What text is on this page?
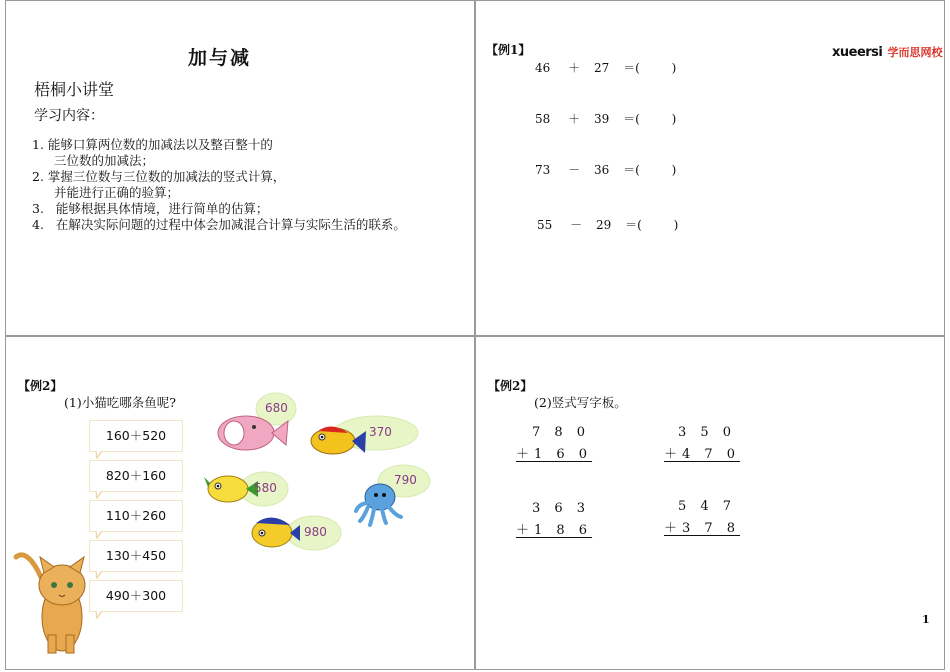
加与减
梧桐小讲堂
学习内容：
1. 能够口算两位数的加减法以及整百整十的
三位数的加减法；
2. 掌握三位数与三位数的加减法的竖式计算，
并能进行正确的验算；
3. 能够根据具体情境，进行简单的估算；
4. 在解决实际问题的过程中体会加减混合计算与实际生活的联系。
【例1】	xueersi 学而思网校
46 ＋ 27 ＝(	)
58 ＋ 39 ＝(	)
73 － 36 ＝(	)
55 － 29 ＝(	)
【例2】
(1)小猫吃哪条鱼呢?
160＋520
820＋160
110＋260
130＋450
490＋300
680
370
580
790
980
【例2】
(2)竖式写字板。
7 8 0
＋1 6 0
3 5 0
＋4 7 0
3 6 3
＋1 8 6
5 4 7
＋3 7 8
1
